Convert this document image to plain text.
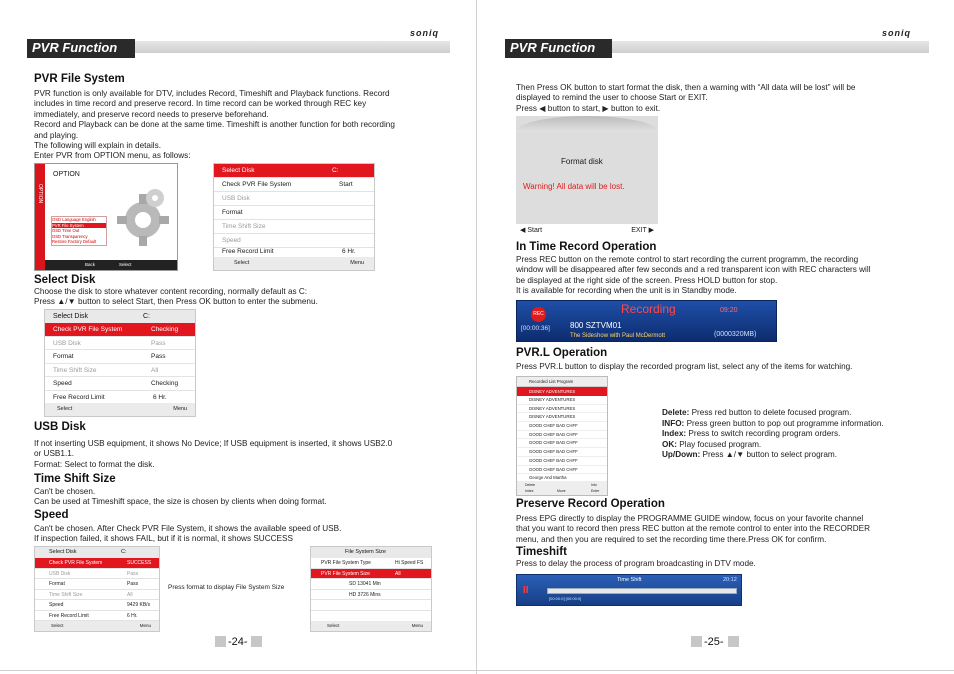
soniq
PVR Function
PVR File System
PVR function is only available for DTV, includes Record, Timeshift and Playback functions. Record
includes in time record and preserve record. In time record can be worked through REC key
immediately, and preserve record needs to preserve beforehand.
Record and Playback can be done at the same time. Timeshift is another function for both recording
and playing.
The following will explain in details.
Enter PVR from OPTION menu, as follows:
OPTION
OPTION
OSD Language English
PVR File System
OSD Time Out
OSD Transparency
Restore Factory Default
Back	Select
Select Disk	C:
Check PVR File System	Start
USB Disk
Format
Time Shift Size
Speed
Free Record Limit	6 Hr.
Select	Menu
Select Disk
Choose the disk to store whatever content recording, normally default as C:
Press ▲/▼ button to select Start, then Press OK button to enter the submenu.
Select Disk	C:
Check PVR File System	Checking
USB Disk	Pass
Format	Pass
Time Shift Size	All
Speed	Checking
Free Record Limit	6 Hr.
Select	Menu
USB Disk
If not inserting USB equipment, it shows No Device; If USB equipment is inserted, it shows USB2.0
or USB1.1.
Format: Select to format the disk.
Time Shift Size
Can't be chosen.
Can be used at Timeshift space, the size is chosen by clients when doing format.
Speed
Can't be chosen. After Check PVR File System, it shows the available speed of USB.
If inspection failed, it shows FAIL, but if it is normal, it shows SUCCESS
Select Disk	C:
Check PVR File System	SUCCESS
USB Disk	Pass
Format	Pass
Time Shift Size	All
Speed	9429 KB/s
Free Record Limit	6 Hr.
Select	Menu
Press format to display File System Size
File System Size
PVR File System Type	Hi Speed FS
PVR File System Size	All
SD 13041 Min
HD 3726 Mins
Select	Menu
-24-
soniq
PVR Function
Then Press OK button to start format the disk, then a warning with “All data will be lost” will be
displayed to remind the user to choose Start or EXIT.
Press ◀ button to start, ▶ button to exit.
Format disk
Warning! All data will be lost.
◀ Start	EXIT ▶
In Time Record Operation
Press REC button on the remote control to start recording the current programm, the recording
window will be disappeared after few seconds and a red transparent icon with REC characters will
be displayed at the right side of the screen. Press HOLD button for stop.
It is available for recording when the unit is in Standby mode.
REC	Recording	09:20
[00:00:36]	800 SZTVM01
The Sideshow with Paul McDermott	(0000320MB)
PVR.L Operation
Press PVR.L button to display the recorded program list, select any of the items for watching.
Recorded List Program
DISNEY ADVENTURES
DISNEY ADVENTURES
DISNEY ADVENTURES
DISNEY ADVENTURES
GOOD CHEF BAD CHFF
GOOD CHEF BAD CHFF
GOOD CHEF BAD CHFF
GOOD CHEF BAD CHFF
GOOD CHEF BAD CHFF
GOOD CHEF BAD CHFF
George And Martha
Delete	Info
Index	Move	Enter
Delete: Press red button to delete focused program.
INFO: Press green button to pop out programme information.
Index: Press to switch recording program orders.
OK: Play focused program.
Up/Down: Press ▲/▼ button to select program.
Preserve Record Operation
Press EPG directly to display the PROGRAMME GUIDE window, focus on your favorite channel
that you want to record then press REC button at the remote control to enter into the RECORDER
menu, and then you are required to set the recording time there.Press OK for confirm.
Timeshift
Press to delay the process of program broadcasting in DTV mode.
Time Shift	20:12
II
[00:00:0] [00:00:0]
-25-
